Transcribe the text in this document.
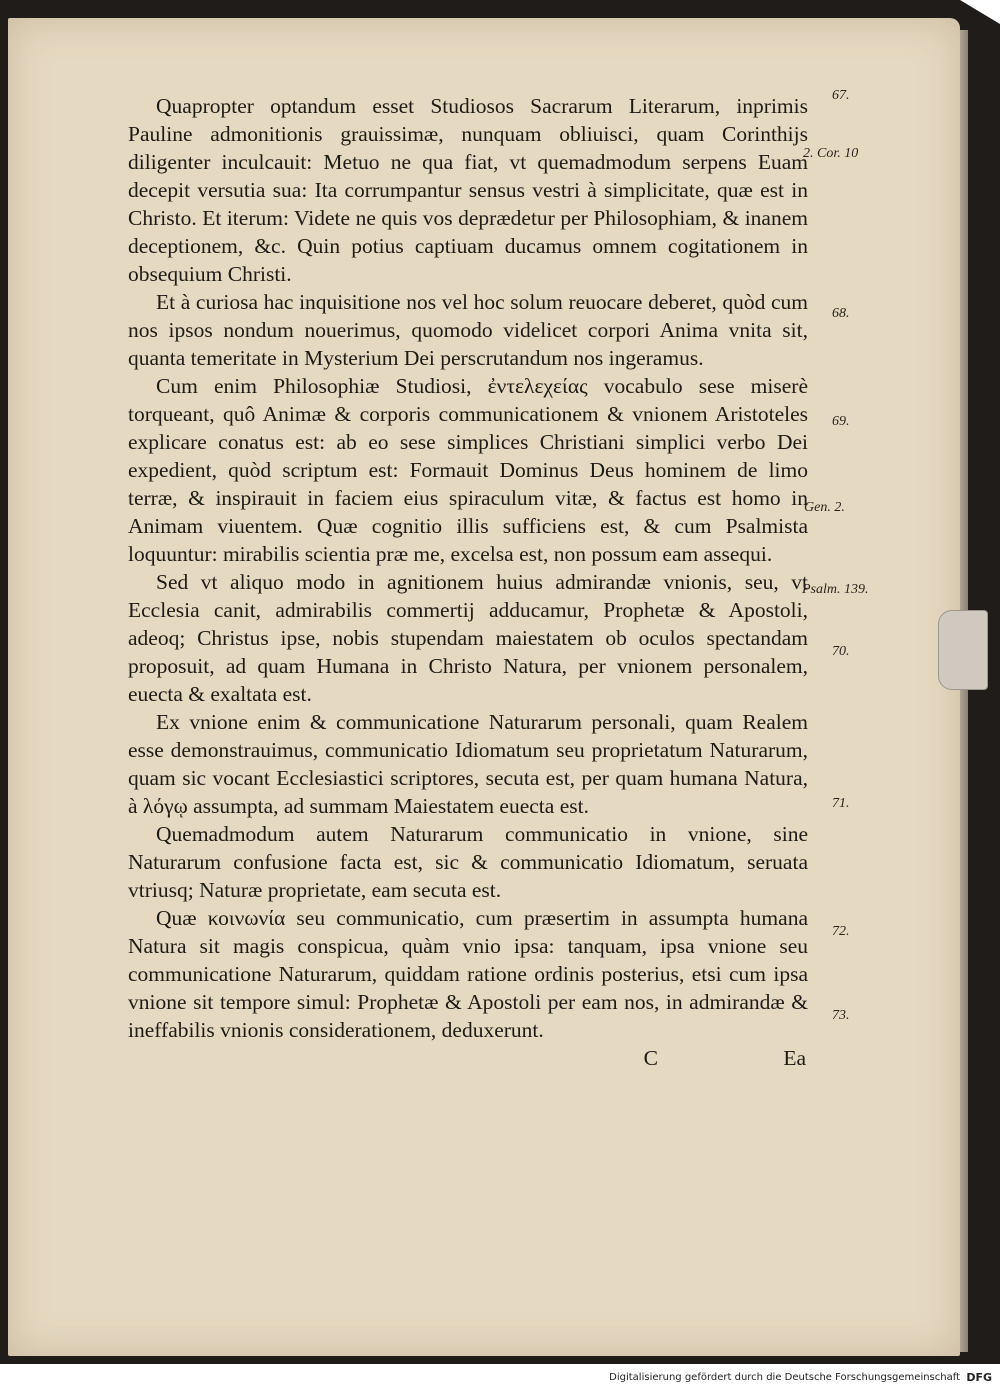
Quapropter optandum esset Studiosos Sacrarum Literarum, inprimis Pauline admonitionis grauissimæ, nunquam obliuisci, quam Corinthijs diligenter inculcauit: Metuo ne qua fiat, vt quemadmodum serpens Euam decepit versutia sua: Ita corrumpantur sensus vestri à simplicitate, quæ est in Christo. Et iterum: Videte ne quis vos deprædetur per Philosophiam, & inanem deceptionem, &c. Quin potius captiuam ducamus omnem cogitationem in obsequium Christi.

Et à curiosa hac inquisitione nos vel hoc solum reuocare deberet, quòd cum nos ipsos nondum nouerimus, quomodo videlicet corpori Anima vnita sit, quanta temeritate in Mysterium Dei perscrutandum nos ingeramus.

Cum enim Philosophiæ Studiosi, ἐντελεχείας vocabulo sese miserè torqueant, quô Animæ & corporis communicationem & vnionem Aristoteles explicare conatus est: ab eo sese simplices Christiani simplici verbo Dei expedient, quòd scriptum est: Formauit Dominus Deus hominem de limo terræ, & inspirauit in faciem eius spiraculum vitæ, & factus est homo in Animam viuentem. Quæ cognitio illis sufficiens est, & cum Psalmista loquuntur: mirabilis scientia præ me, excelsa est, non possum eam assequi.

Sed vt aliquo modo in agnitionem huius admirandæ vnionis, seu, vt Ecclesia canit, admirabilis commertij adducamur, Prophetæ & Apostoli, adeoq; Christus ipse, nobis stupendam maiestatem ob oculos spectandam proposuit, ad quam Humana in Christo Natura, per vnionem personalem, euecta & exaltata est.

Ex vnione enim & communicatione Naturarum personali, quam Realem esse demonstrauimus, communicatio Idiomatum seu proprietatum Naturarum, quam sic vocant Ecclesiastici scriptores, secuta est, per quam humana Natura, à λόγῳ assumpta, ad summam Maiestatem euecta est.

Quemadmodum autem Naturarum communicatio in vnione, sine Naturarum confusione facta est, sic & communicatio Idiomatum, seruata vtriusq; Naturæ proprietate, eam secuta est.

Quæ κοινωνία seu communicatio, cum præsertim in assumpta humana Natura sit magis conspicua, quàm vnio ipsa: tanquam, ipsa vnione seu communicatione Naturarum, quiddam ratione ordinis posterius, etsi cum ipsa vnione sit tempore simul: Prophetæ & Apostoli per eam nos, in admirandæ & ineffabilis vnionis considerationem, deduxerunt.

C	Ea

67.
2. Cor. 10
68.
69.
Gen. 2.
Psalm. 139.
70.
71.
72.
73.
Digitalisierung gefördert durch die Deutsche Forschungsgemeinschaft DFG
